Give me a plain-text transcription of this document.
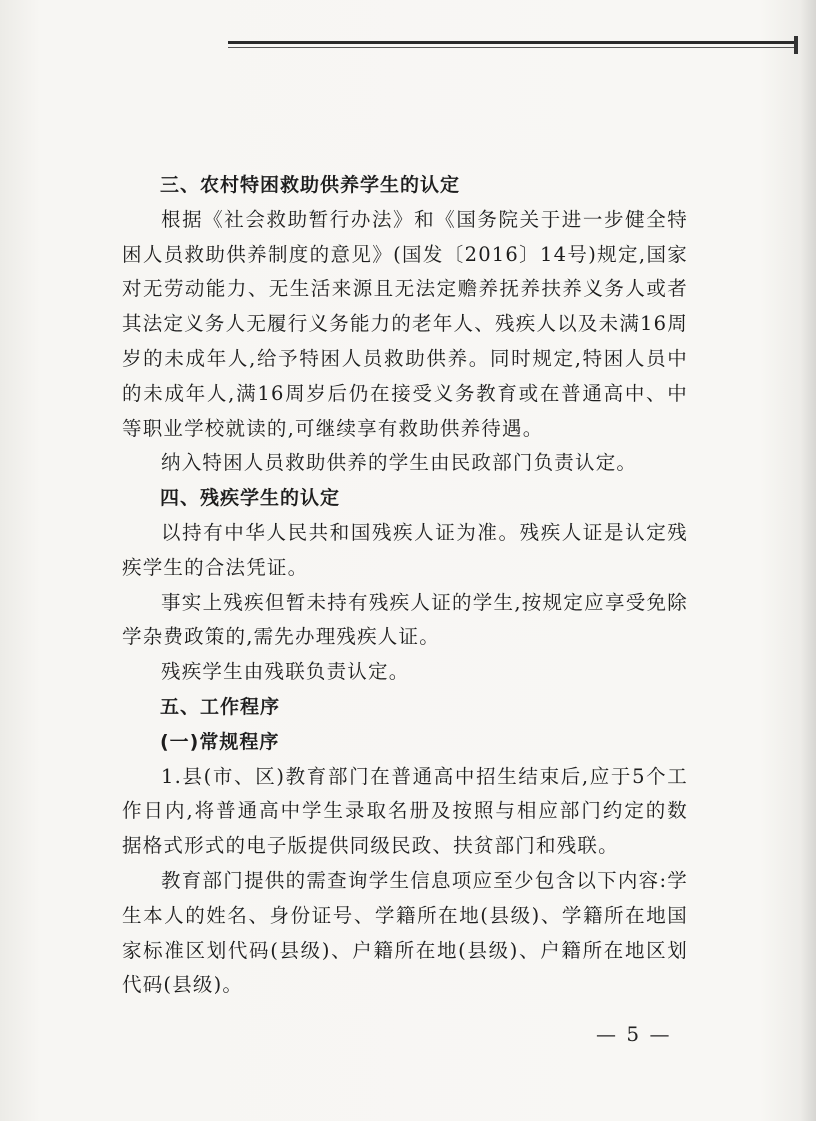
三、农村特困救助供养学生的认定

根据《社会救助暂行办法》和《国务院关于进一步健全特困人员救助供养制度的意见》(国发〔2016〕14号)规定,国家对无劳动能力、无生活来源且无法定赡养抚养扶养义务人或者其法定义务人无履行义务能力的老年人、残疾人以及未满16周岁的未成年人,给予特困人员救助供养。同时规定,特困人员中的未成年人,满16周岁后仍在接受义务教育或在普通高中、中等职业学校就读的,可继续享有救助供养待遇。

纳入特困人员救助供养的学生由民政部门负责认定。

四、残疾学生的认定

以持有中华人民共和国残疾人证为准。残疾人证是认定残疾学生的合法凭证。

事实上残疾但暂未持有残疾人证的学生,按规定应享受免除学杂费政策的,需先办理残疾人证。

残疾学生由残联负责认定。

五、工作程序

(一)常规程序

1.县(市、区)教育部门在普通高中招生结束后,应于5个工作日内,将普通高中学生录取名册及按照与相应部门约定的数据格式形式的电子版提供同级民政、扶贫部门和残联。

教育部门提供的需查询学生信息项应至少包含以下内容:学生本人的姓名、身份证号、学籍所在地(县级)、学籍所在地国家标准区划代码(县级)、户籍所在地(县级)、户籍所在地区划代码(县级)。

— 5 —
